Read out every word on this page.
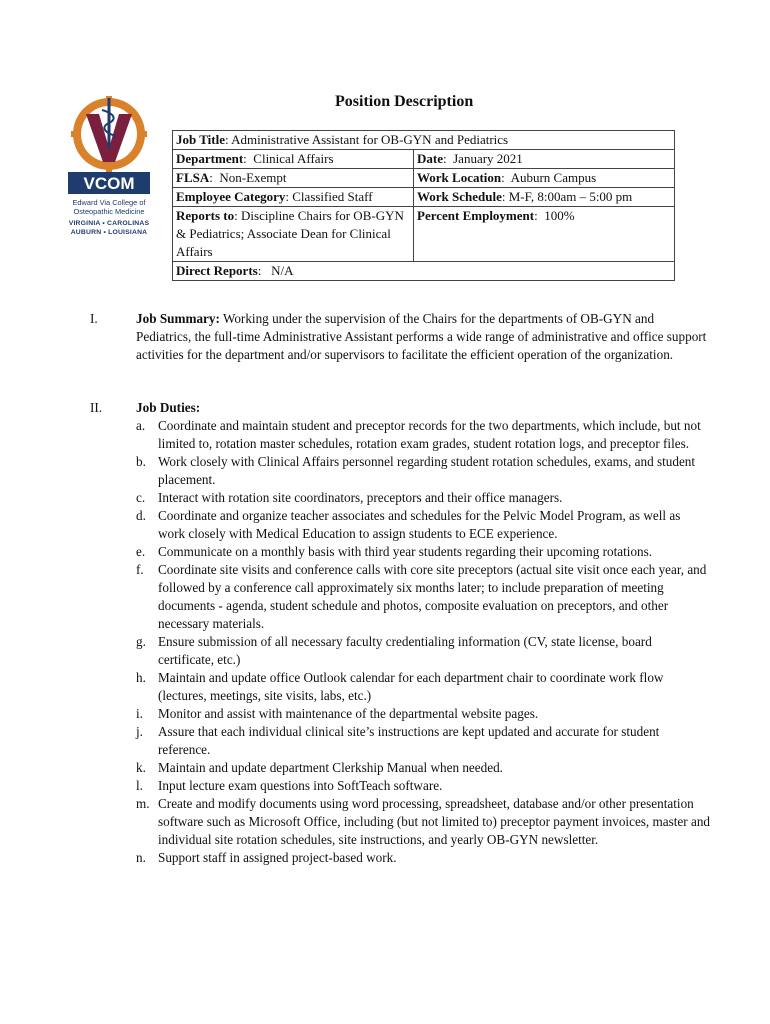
VCOM
Edward Via College of Osteopathic Medicine
VIRGINIA • CAROLINAS AUBURN • LOUISIANA
Position Description
Job Title: Administrative Assistant for OB-GYN and Pediatrics	
Department:  Clinical Affairs	Date:  January 2021
FLSA:  Non-Exempt	Work Location:  Auburn Campus
Employee Category: Classified Staff	Work Schedule: M-F, 8:00am – 5:00 pm
Reports to: Discipline Chairs for OB-GYN & Pediatrics; Associate Dean for Clinical Affairs	Percent Employment:  100%
Direct Reports:   N/A	
I.	Job Summary: Working under the supervision of the Chairs for the departments of OB-GYN and Pediatrics, the full-time Administrative Assistant performs a wide range of administrative and office support activities for the department and/or supervisors to facilitate the efficient operation of the organization.
II.	Job Duties:
a. Coordinate and maintain student and preceptor records for the two departments, which include, but not limited to, rotation master schedules, rotation exam grades, student rotation logs, and preceptor files.
b. Work closely with Clinical Affairs personnel regarding student rotation schedules, exams, and student placement.
c. Interact with rotation site coordinators, preceptors and their office managers.
d. Coordinate and organize teacher associates and schedules for the Pelvic Model Program, as well as work closely with Medical Education to assign students to ECE experience.
e. Communicate on a monthly basis with third year students regarding their upcoming rotations.
f. Coordinate site visits and conference calls with core site preceptors (actual site visit once each year, and followed by a conference call approximately six months later; to include preparation of meeting documents - agenda, student schedule and photos, composite evaluation on preceptors, and other necessary materials.
g. Ensure submission of all necessary faculty credentialing information (CV, state license, board certificate, etc.)
h. Maintain and update office Outlook calendar for each department chair to coordinate work flow (lectures, meetings, site visits, labs, etc.)
i. Monitor and assist with maintenance of the departmental website pages.
j. Assure that each individual clinical site’s instructions are kept updated and accurate for student reference.
k. Maintain and update department Clerkship Manual when needed.
l. Input lecture exam questions into SoftTeach software.
m. Create and modify documents using word processing, spreadsheet, database and/or other presentation software such as Microsoft Office, including (but not limited to) preceptor payment invoices, master and individual site rotation schedules, site instructions, and yearly OB-GYN newsletter.
n. Support staff in assigned project-based work.
